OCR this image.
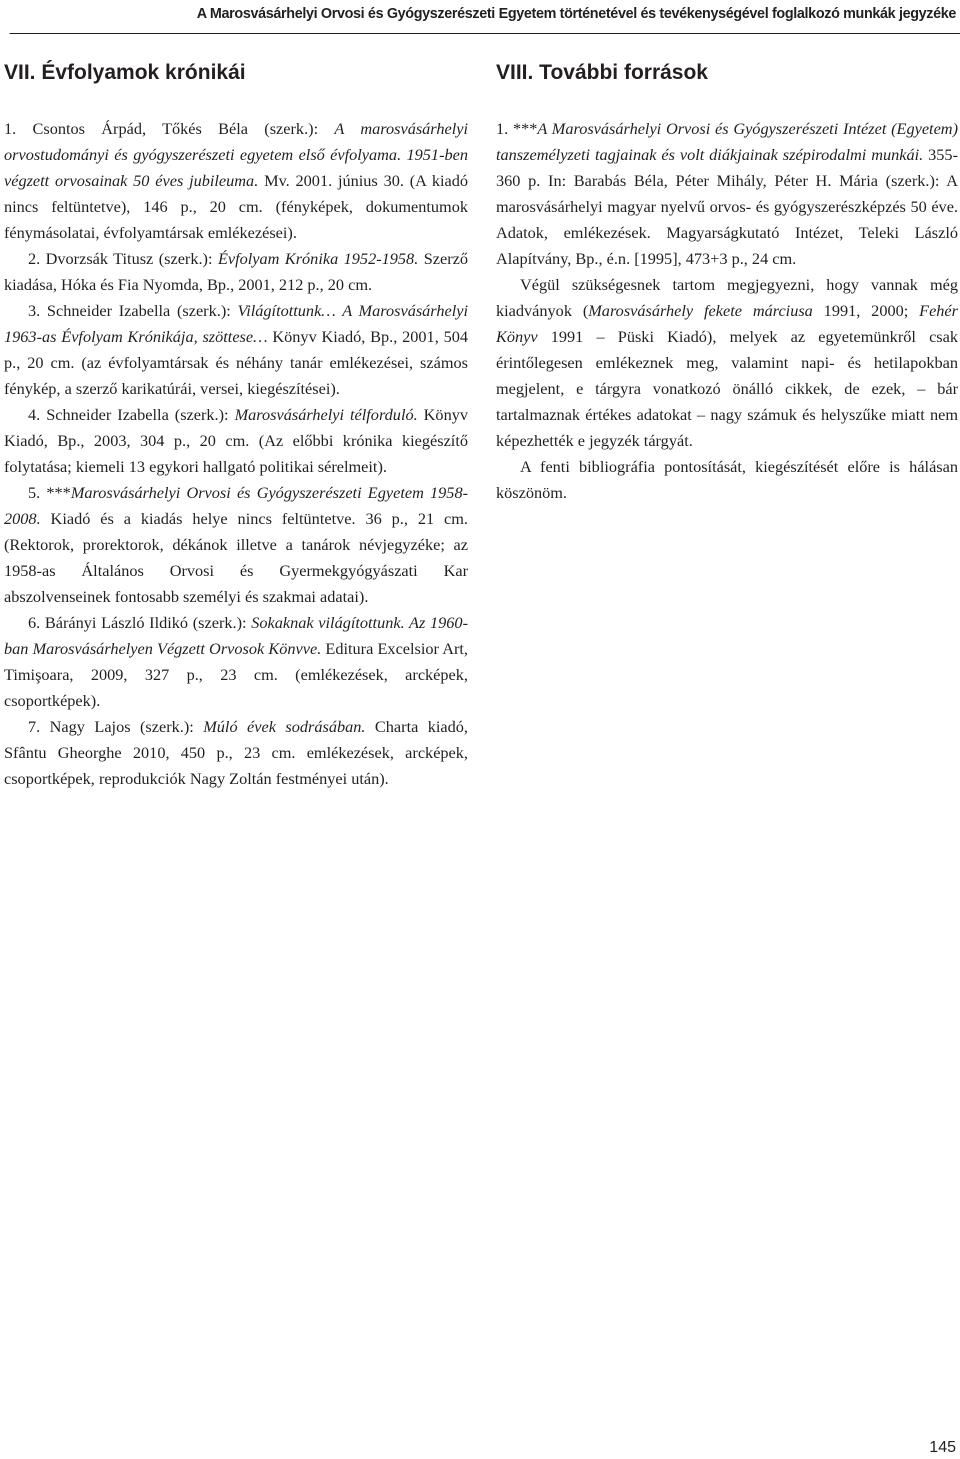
A Marosvásárhelyi Orvosi és Gyógyszerészeti Egyetem történetével és tevékenységével foglalkozó munkák jegyzéke
VII. Évfolyamok krónikái

1. Csontos Árpád, Tőkés Béla (szerk.): A marosvásárhelyi orvostudományi és gyógyszerészeti egyetem első évfolyama. 1951-ben végzett orvosainak 50 éves jubileuma. Mv. 2001. június 30. (A kiadó nincs feltüntetve), 146 p., 20 cm. (fényképek, dokumentumok fénymásolatai, évfolyamtársak emlékezései).

2. Dvorzsák Titusz (szerk.): Évfolyam Krónika 1952-1958. Szerző kiadása, Hóka és Fia Nyomda, Bp., 2001, 212 p., 20 cm.

3. Schneider Izabella (szerk.): Világítottunk… A Marosvásárhelyi 1963-as Évfolyam Krónikája, szöttese… Könyv Kiadó, Bp., 2001, 504 p., 20 cm. (az évfolyamtársak és néhány tanár emlékezései, számos fénykép, a szerző karikatúrái, versei, kiegészítései).

4. Schneider Izabella (szerk.): Marosvásárhelyi télforduló. Könyv Kiadó, Bp., 2003, 304 p., 20 cm. (Az előbbi krónika kiegészítő folytatása; kiemeli 13 egykori hallgató politikai sérelmeit).

5. ***Marosvásárhelyi Orvosi és Gyógyszerészeti Egyetem 1958-2008. Kiadó és a kiadás helye nincs feltüntetve. 36 p., 21 cm.(Rektorok, prorektorok, dékánok illetve a tanárok névjegyzéke; az 1958-as Általános Orvosi és Gyermekgyógyászati Kar abszolvenseinek fontosabb személyi és szakmai adatai).

6. Bárányi László Ildikó (szerk.): Sokaknak világítottunk. Az 1960-ban Marosvásárhelyen Végzett Orvosok Könvve. Editura Excelsior Art, Timişoara, 2009, 327 p., 23 cm. (emlékezések, arcképek, csoportképek).

7. Nagy Lajos (szerk.): Múló évek sodrásában. Charta kiadó, Sfântu Gheorghe 2010, 450 p., 23 cm. emlékezések, arcképek, csoportképek, reprodukciók Nagy Zoltán festményei után).

VIII. További források

1. ***A Marosvásárhelyi Orvosi és Gyógyszerészeti Intézet (Egyetem) tanszemélyzeti tagjainak és volt diákjainak szépirodalmi munkái. 355- 360 p. In: Barabás Béla, Péter Mihály, Péter H. Mária (szerk.): A marosvásárhelyi magyar nyelvű orvos- és gyógyszerészképzés 50 éve. Adatok, emlékezések. Magyarságkutató Intézet, Teleki László Alapítvány, Bp., é.n. [1995], 473+3 p., 24 cm.

Végül szükségesnek tartom megjegyezni, hogy vannak még kiadványok (Marosvásárhely fekete márciusa 1991, 2000; Fehér Könyv 1991 – Püski Kiadó), melyek az egyetemünkről csak érintőlegesen emlékeznek meg, valamint napi- és hetilapokban megjelent, e tárgyra vonatkozó önálló cikkek, de ezek, – bár tartalmaznak értékes adatokat – nagy számuk és helyszűke miatt nem képezhették e jegyzék tárgyát.

A fenti bibliográfia pontosítását, kiegészítését előre is hálásan köszönöm.

145
